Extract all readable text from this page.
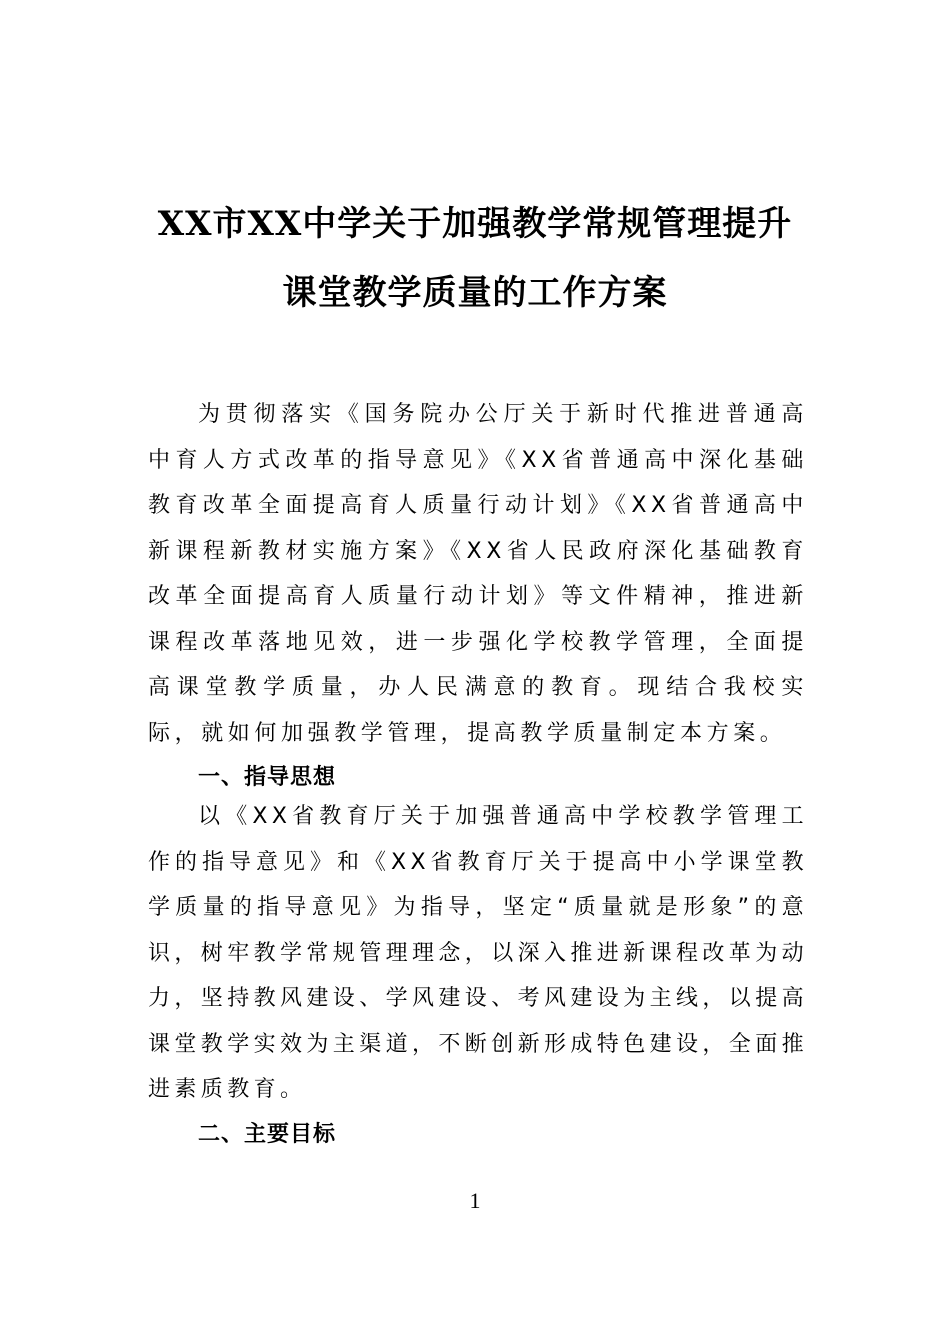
XX市XX中学关于加强教学常规管理提升
课堂教学质量的工作方案

为贯彻落实《国务院办公厅关于新时代推进普通高中育人方式改革的指导意见》《XX省普通高中深化基础教育改革全面提高育人质量行动计划》《XX省普通高中新课程新教材实施方案》《XX省人民政府深化基础教育改革全面提高育人质量行动计划》等文件精神，推进新课程改革落地见效，进一步强化学校教学管理，全面提高课堂教学质量，办人民满意的教育。现结合我校实际，就如何加强教学管理，提高教学质量制定本方案。

一、指导思想

以《XX省教育厅关于加强普通高中学校教学管理工作的指导意见》和《XX省教育厅关于提高中小学课堂教学质量的指导意见》为指导，坚定“质量就是形象”的意识，树牢教学常规管理理念，以深入推进新课程改革为动力，坚持教风建设、学风建设、考风建设为主线，以提高课堂教学实效为主渠道，不断创新形成特色建设，全面推进素质教育。

二、主要目标
1
